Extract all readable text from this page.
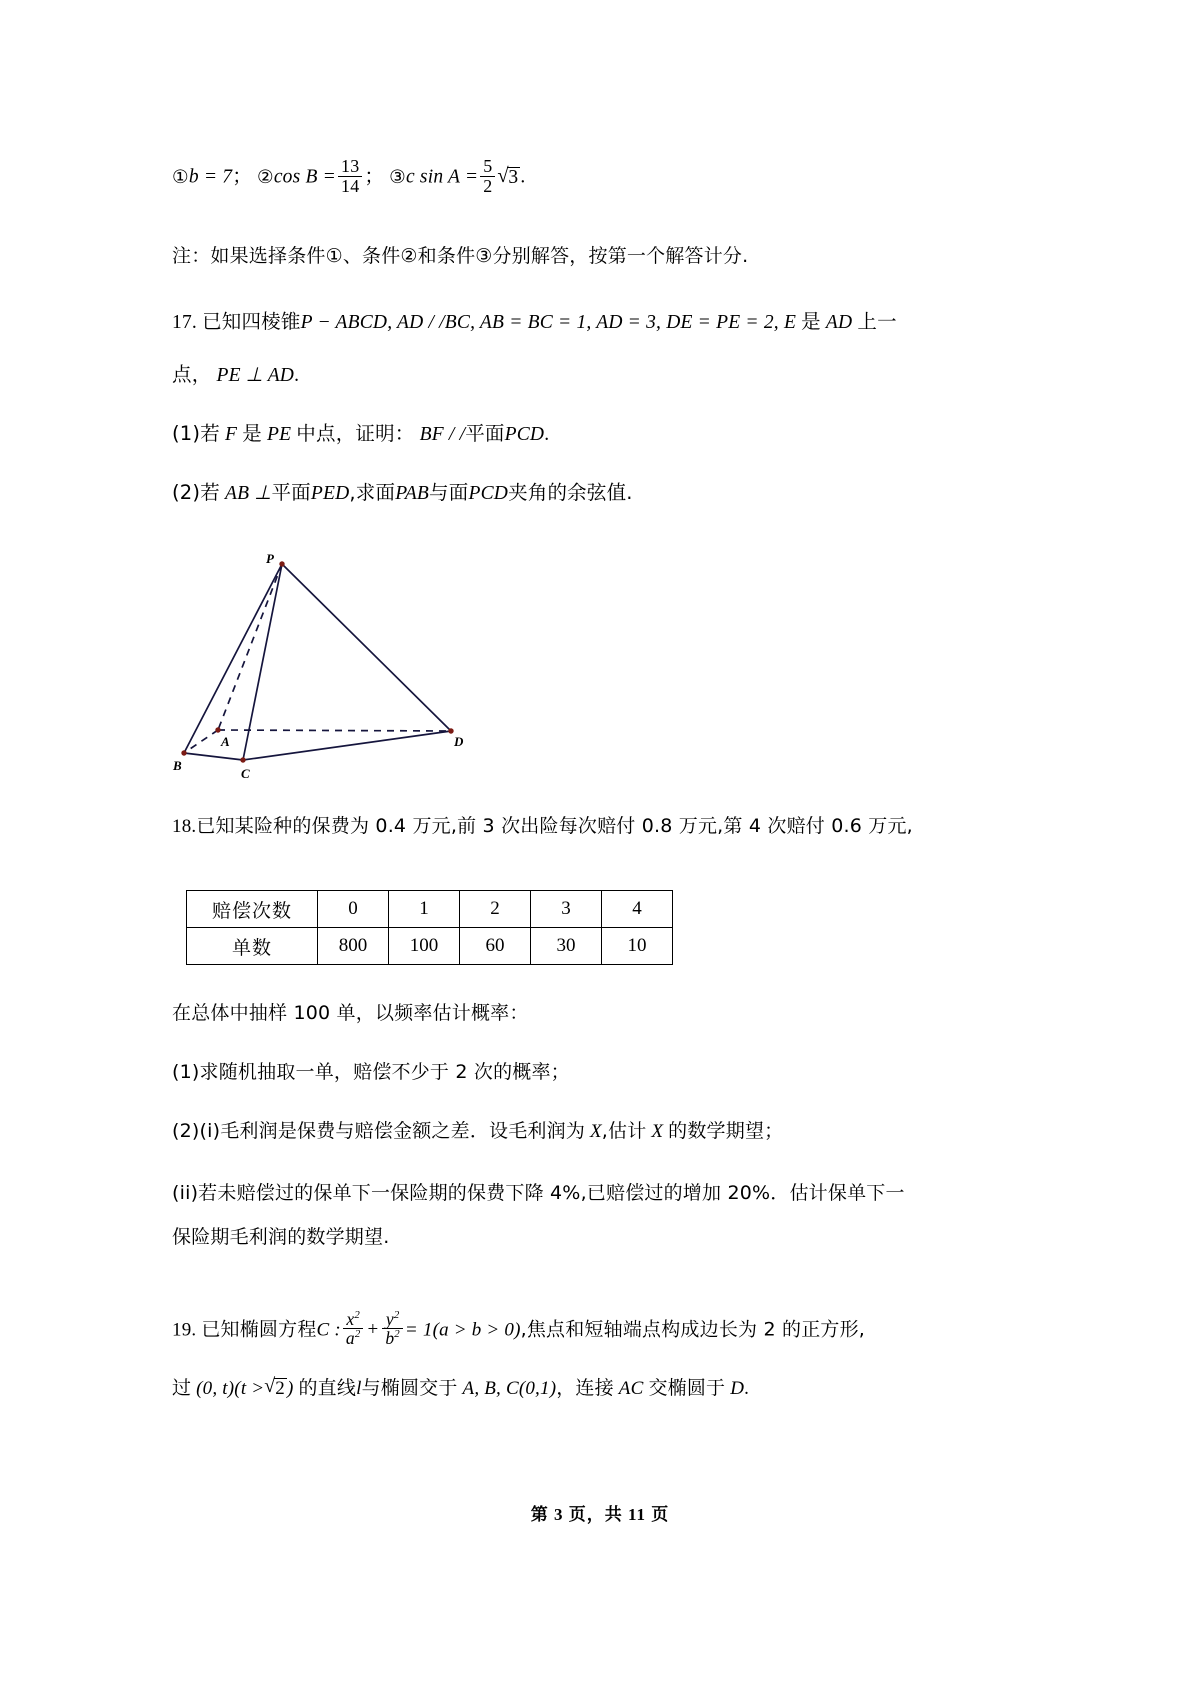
①b = 7； ②cos $B = \frac{13}{14}$ ； ③c $\sin A = \frac{5}{2}$ √ 3 .
注：如果选择条件①、条件②和条件③分别解答，按第一个解答计分.
17. 已知四棱锥P − ABCD, AD / /BC, AB = BC = 1, AD = 3, DE = PE = 2, E 是 AD 上一
点， PE ⊥ AD.
(1)若 F 是 PE 中点，证明： BF / /平面PCD.
(2)若 AB ⊥平面PED,求面PAB与面PCD夹角的余弦值.
P
A
B
C
D
18.已知某险种的保费为 0.4 万元,前 3 次出险每次赔付 0.8 万元,第 4 次赔付 0.6 万元,
赔偿次数	0	1	2	3	4
单数	800	100	60	30	10
在总体中抽样 100 单，以频率估计概率：
(1)求随机抽取一单，赔偿不少于 2 次的概率；
(2)(i)毛利润是保费与赔偿金额之差．设毛利润为 X,估计 X 的数学期望；
(ii)若未赔偿过的保单下一保险期的保费下降 4%,已赔偿过的增加 20%．估计保单下一
保险期毛利润的数学期望.
19. 已知椭圆方程C : $\frac{x^2}{a^2} + \frac{y^2}{b^2} = 1(a > b > 0)$,焦点和短轴端点构成边长为 2 的正方形,
过 (0, t)(t > √ 2 ) 的直线l与椭圆交于 A, B, C(0,1)，连接 AC 交椭圆于 D.
第 3 页，共 11 页
